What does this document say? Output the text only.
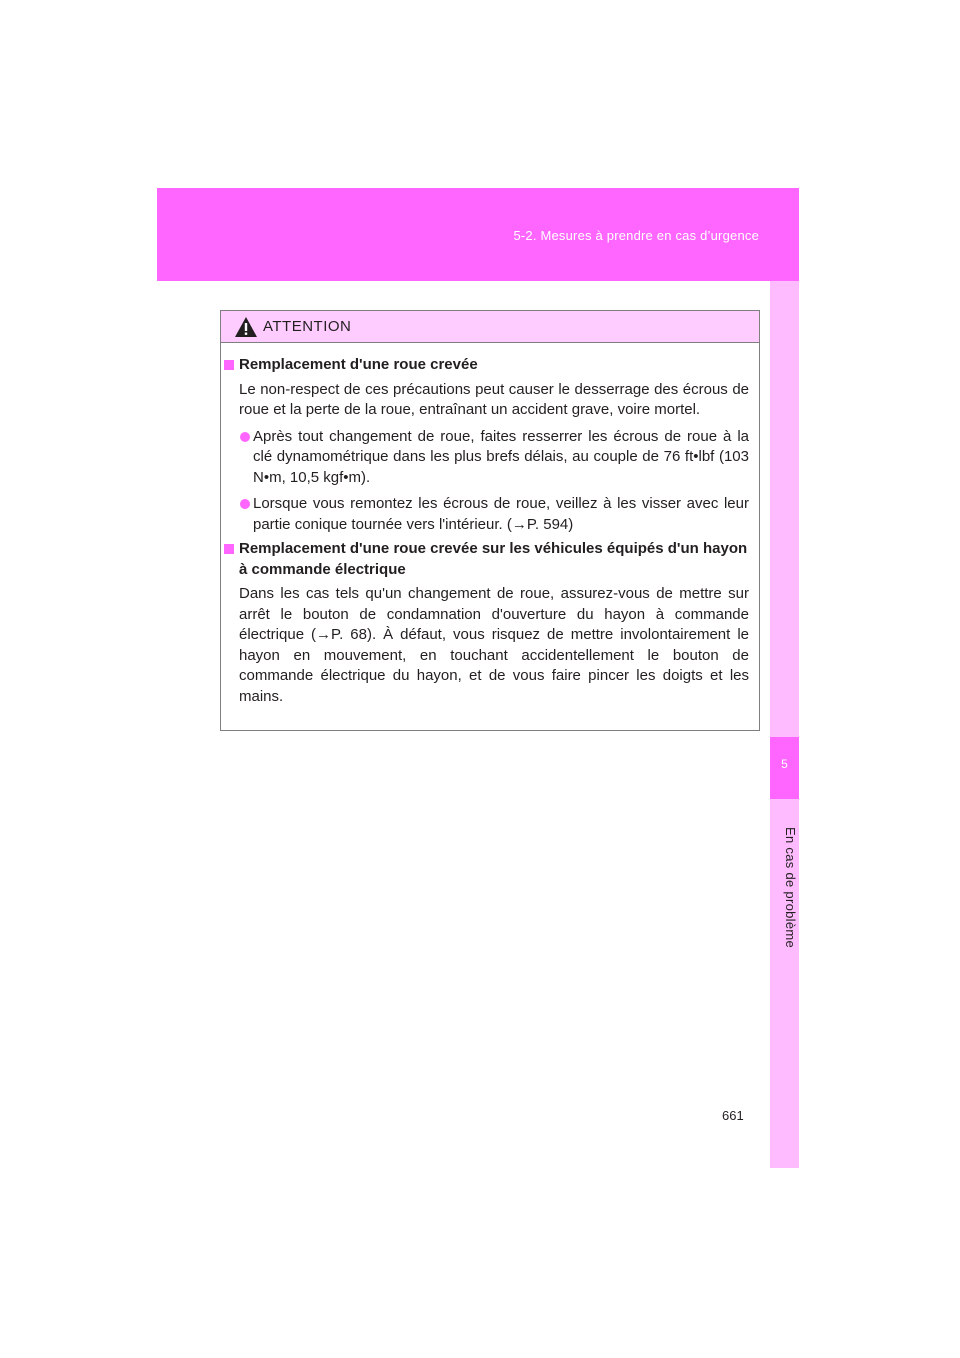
5-2. Mesures à prendre en cas d’urgence
5
En cas de problème
ATTENTION
Remplacement d'une roue crevée
Le non-respect de ces précautions peut causer le desserrage des écrous de roue et la perte de la roue, entraînant un accident grave, voire mortel.
Après tout changement de roue, faites resserrer les écrous de roue à la clé dynamométrique dans les plus brefs délais, au couple de 76 ft•lbf (103 N•m, 10,5 kgf•m).
Lorsque vous remontez les écrous de roue, veillez à les visser avec leur partie conique tournée vers l'intérieur. (→P. 594)
Remplacement d'une roue crevée sur les véhicules équipés d'un hayon à commande électrique
Dans les cas tels qu'un changement de roue, assurez-vous de mettre sur arrêt le bouton de condamnation d'ouverture du hayon à commande électrique (→P. 68). À défaut, vous risquez de mettre involontairement le hayon en mouvement, en touchant accidentellement le bouton de commande électrique du hayon, et de vous faire pincer les doigts et les mains.
661
